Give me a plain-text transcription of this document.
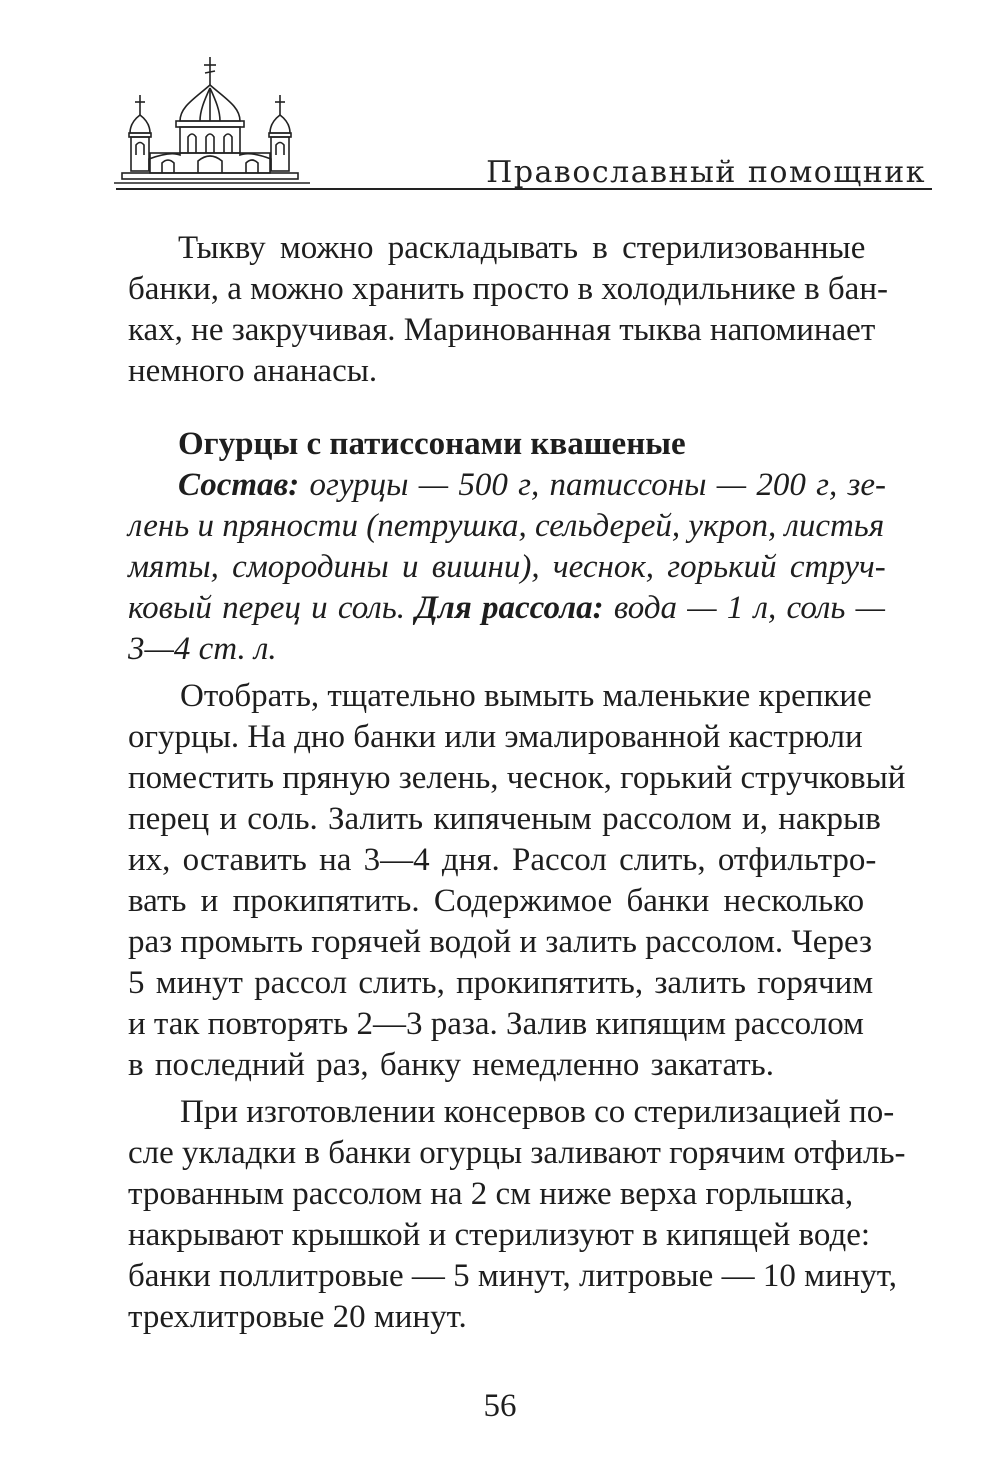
Православный помощник
Тыкву можно раскладывать в стерилизованные
банки, а можно хранить просто в холодильнике в бан-
ках, не закручивая. Маринованная тыква напоминает
немного ананасы.
Огурцы с патиссонами квашеные
Состав: огурцы — 500 г, патиссоны — 200 г, зе-
лень и пряности (петрушка, сельдерей, укроп, листья
мяты, смородины и вишни), чеснок, горький струч-
ковый перец и соль. Для рассола: вода — 1 л, соль —
3—4 ст. л.
Отобрать, тщательно вымыть маленькие крепкие
огурцы. На дно банки или эмалированной кастрюли
поместить пряную зелень, чеснок, горький стручковый
перец и соль. Залить кипяченым рассолом и, накрыв
их, оставить на 3—4 дня. Рассол слить, отфильтро-
вать и прокипятить. Содержимое банки несколько
раз промыть горячей водой и залить рассолом. Через
5 минут рассол слить, прокипятить, залить горячим
и так повторять 2—3 раза. Залив кипящим рассолом
в последний раз, банку немедленно закатать.
При изготовлении консервов со стерилизацией по-
сле укладки в банки огурцы заливают горячим отфиль-
трованным рассолом на 2 см ниже верха горлышка,
накрывают крышкой и стерилизуют в кипящей воде:
банки поллитровые — 5 минут, литровые — 10 минут,
трехлитровые 20 минут.
56
